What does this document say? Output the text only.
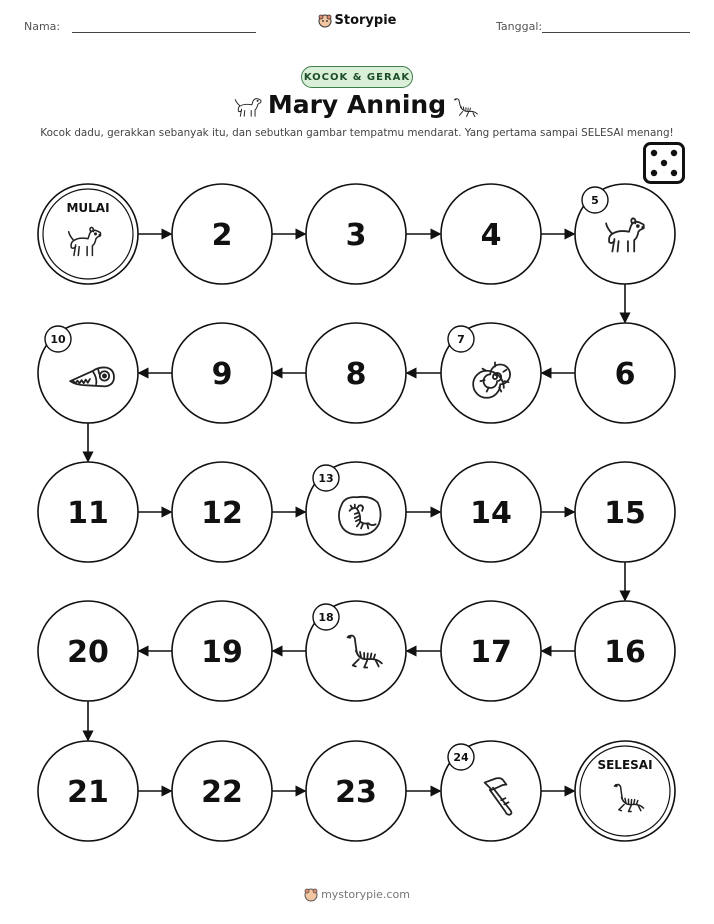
Nama:	Tanggal:
Storypie
KOCOK & GERAK
Mary Anning
Kocok dadu, gerakkan sebanyak itu, dan sebutkan gambar tempatmu mendarat. Yang pertama sampai SELESAI menang!
MULAI
2	3	4
5
6
7
8
9
10
11	12
13
14	15
16
17
18
19
20
21	22	23
24
SELESAI
mystorypie.com
